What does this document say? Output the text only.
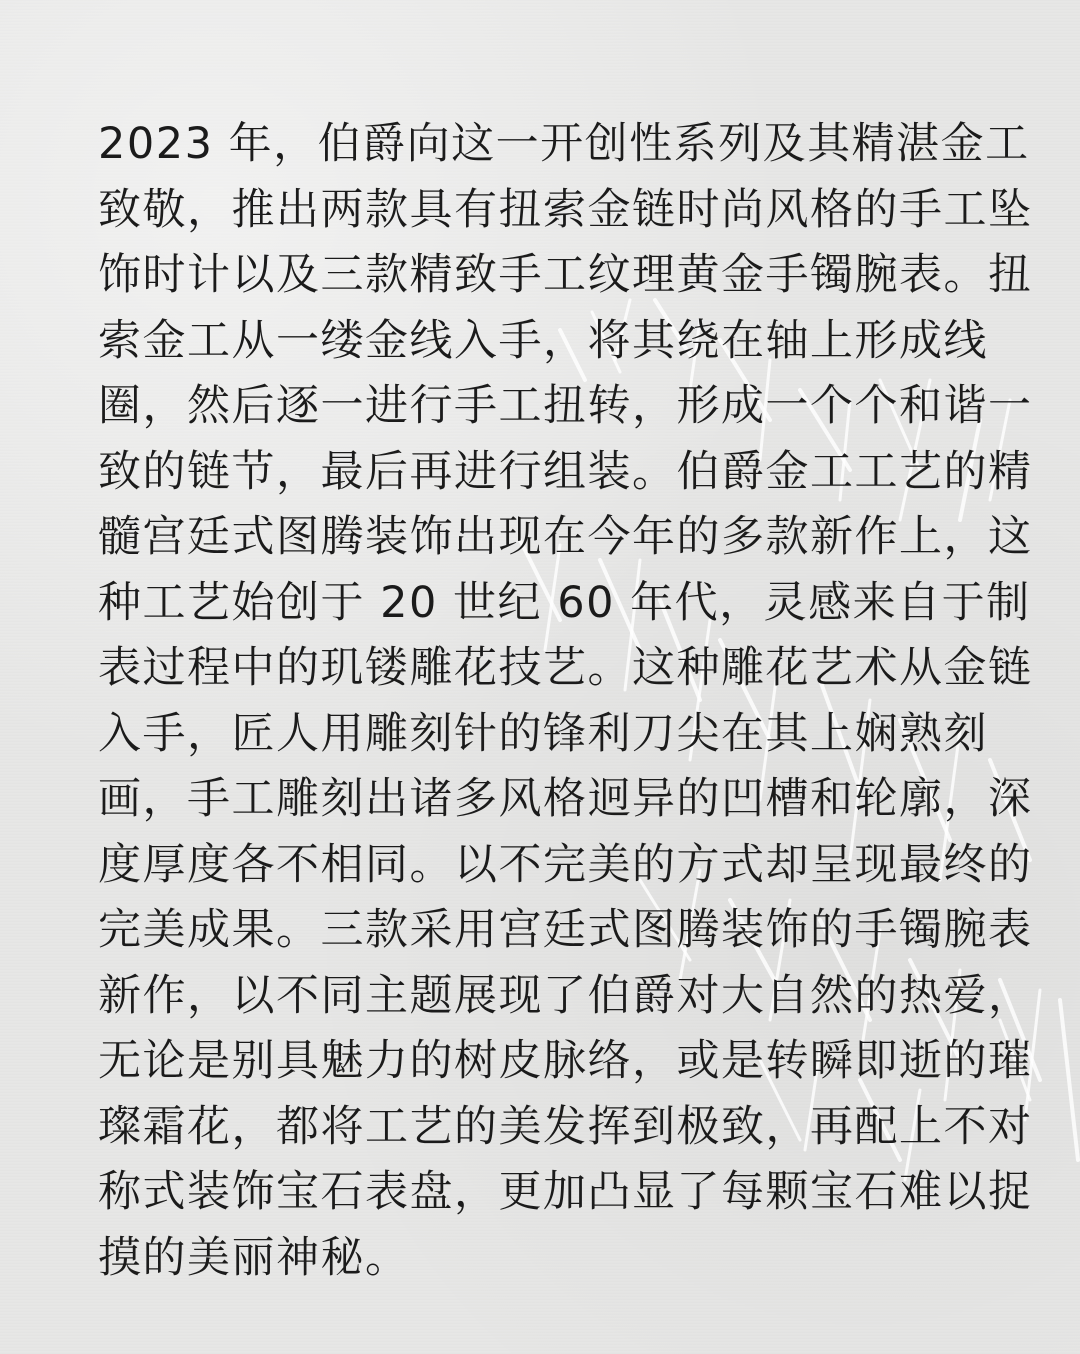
2023 年，伯爵向这一开创性系列及其精湛金工
致敬，推出两款具有扭索金链时尚风格的手工坠
饰时计以及三款精致手工纹理黄金手镯腕表。扭
索金工从一缕金线入手，将其绕在轴上形成线
圈，然后逐一进行手工扭转，形成一个个和谐一
致的链节，最后再进行组装。伯爵金工工艺的精
髓宫廷式图腾装饰出现在今年的多款新作上，这
种工艺始创于 20 世纪 60 年代，灵感来自于制
表过程中的玑镂雕花技艺。这种雕花艺术从金链
入手，匠人用雕刻针的锋利刀尖在其上娴熟刻
画，手工雕刻出诸多风格迥异的凹槽和轮廓，深
度厚度各不相同。以不完美的方式却呈现最终的
完美成果。三款采用宫廷式图腾装饰的手镯腕表
新作，以不同主题展现了伯爵对大自然的热爱，
无论是别具魅力的树皮脉络，或是转瞬即逝的璀
璨霜花，都将工艺的美发挥到极致，再配上不对
称式装饰宝石表盘，更加凸显了每颗宝石难以捉
摸的美丽神秘。
